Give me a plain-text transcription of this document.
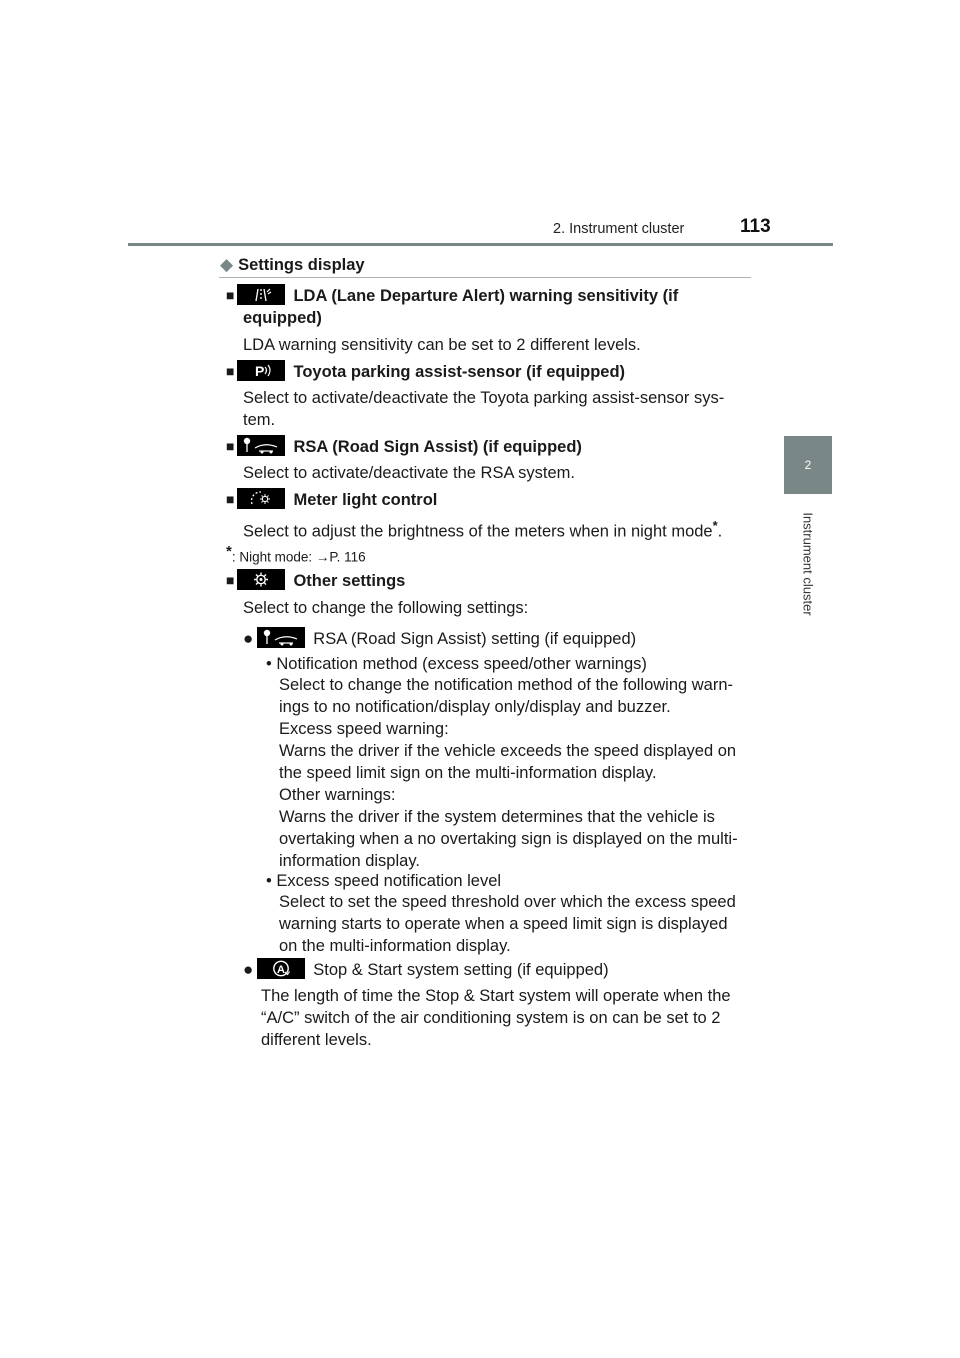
2. Instrument cluster	113
2
Instrument cluster
◆ Settings display
■	LDA (Lane Departure Alert) warning sensitivity (if
equipped)
LDA warning sensitivity can be set to 2 different levels.
■ P Toyota parking assist-sensor (if equipped)
Select to activate/deactivate the Toyota parking assist-sensor sys-
tem.
■	RSA (Road Sign Assist) (if equipped)
Select to activate/deactivate the RSA system.
■	Meter light control
Select to adjust the brightness of the meters when in night mode*.
*: Night mode: →P. 116
■	Other settings
Select to change the following settings:
●	RSA (Road Sign Assist) setting (if equipped)
• Notification method (excess speed/other warnings)
Select to change the notification method of the following warn-
ings to no notification/display only/display and buzzer.
Excess speed warning:
Warns the driver if the vehicle exceeds the speed displayed on
the speed limit sign on the multi-information display.
Other warnings:
Warns the driver if the system determines that the vehicle is
overtaking when a no overtaking sign is displayed on the multi-
information display.
• Excess speed notification level
Select to set the speed threshold over which the excess speed
warning starts to operate when a speed limit sign is displayed
on the multi-information display.
● A Stop & Start system setting (if equipped)
The length of time the Stop & Start system will operate when the
“A/C” switch of the air conditioning system is on can be set to 2
different levels.
